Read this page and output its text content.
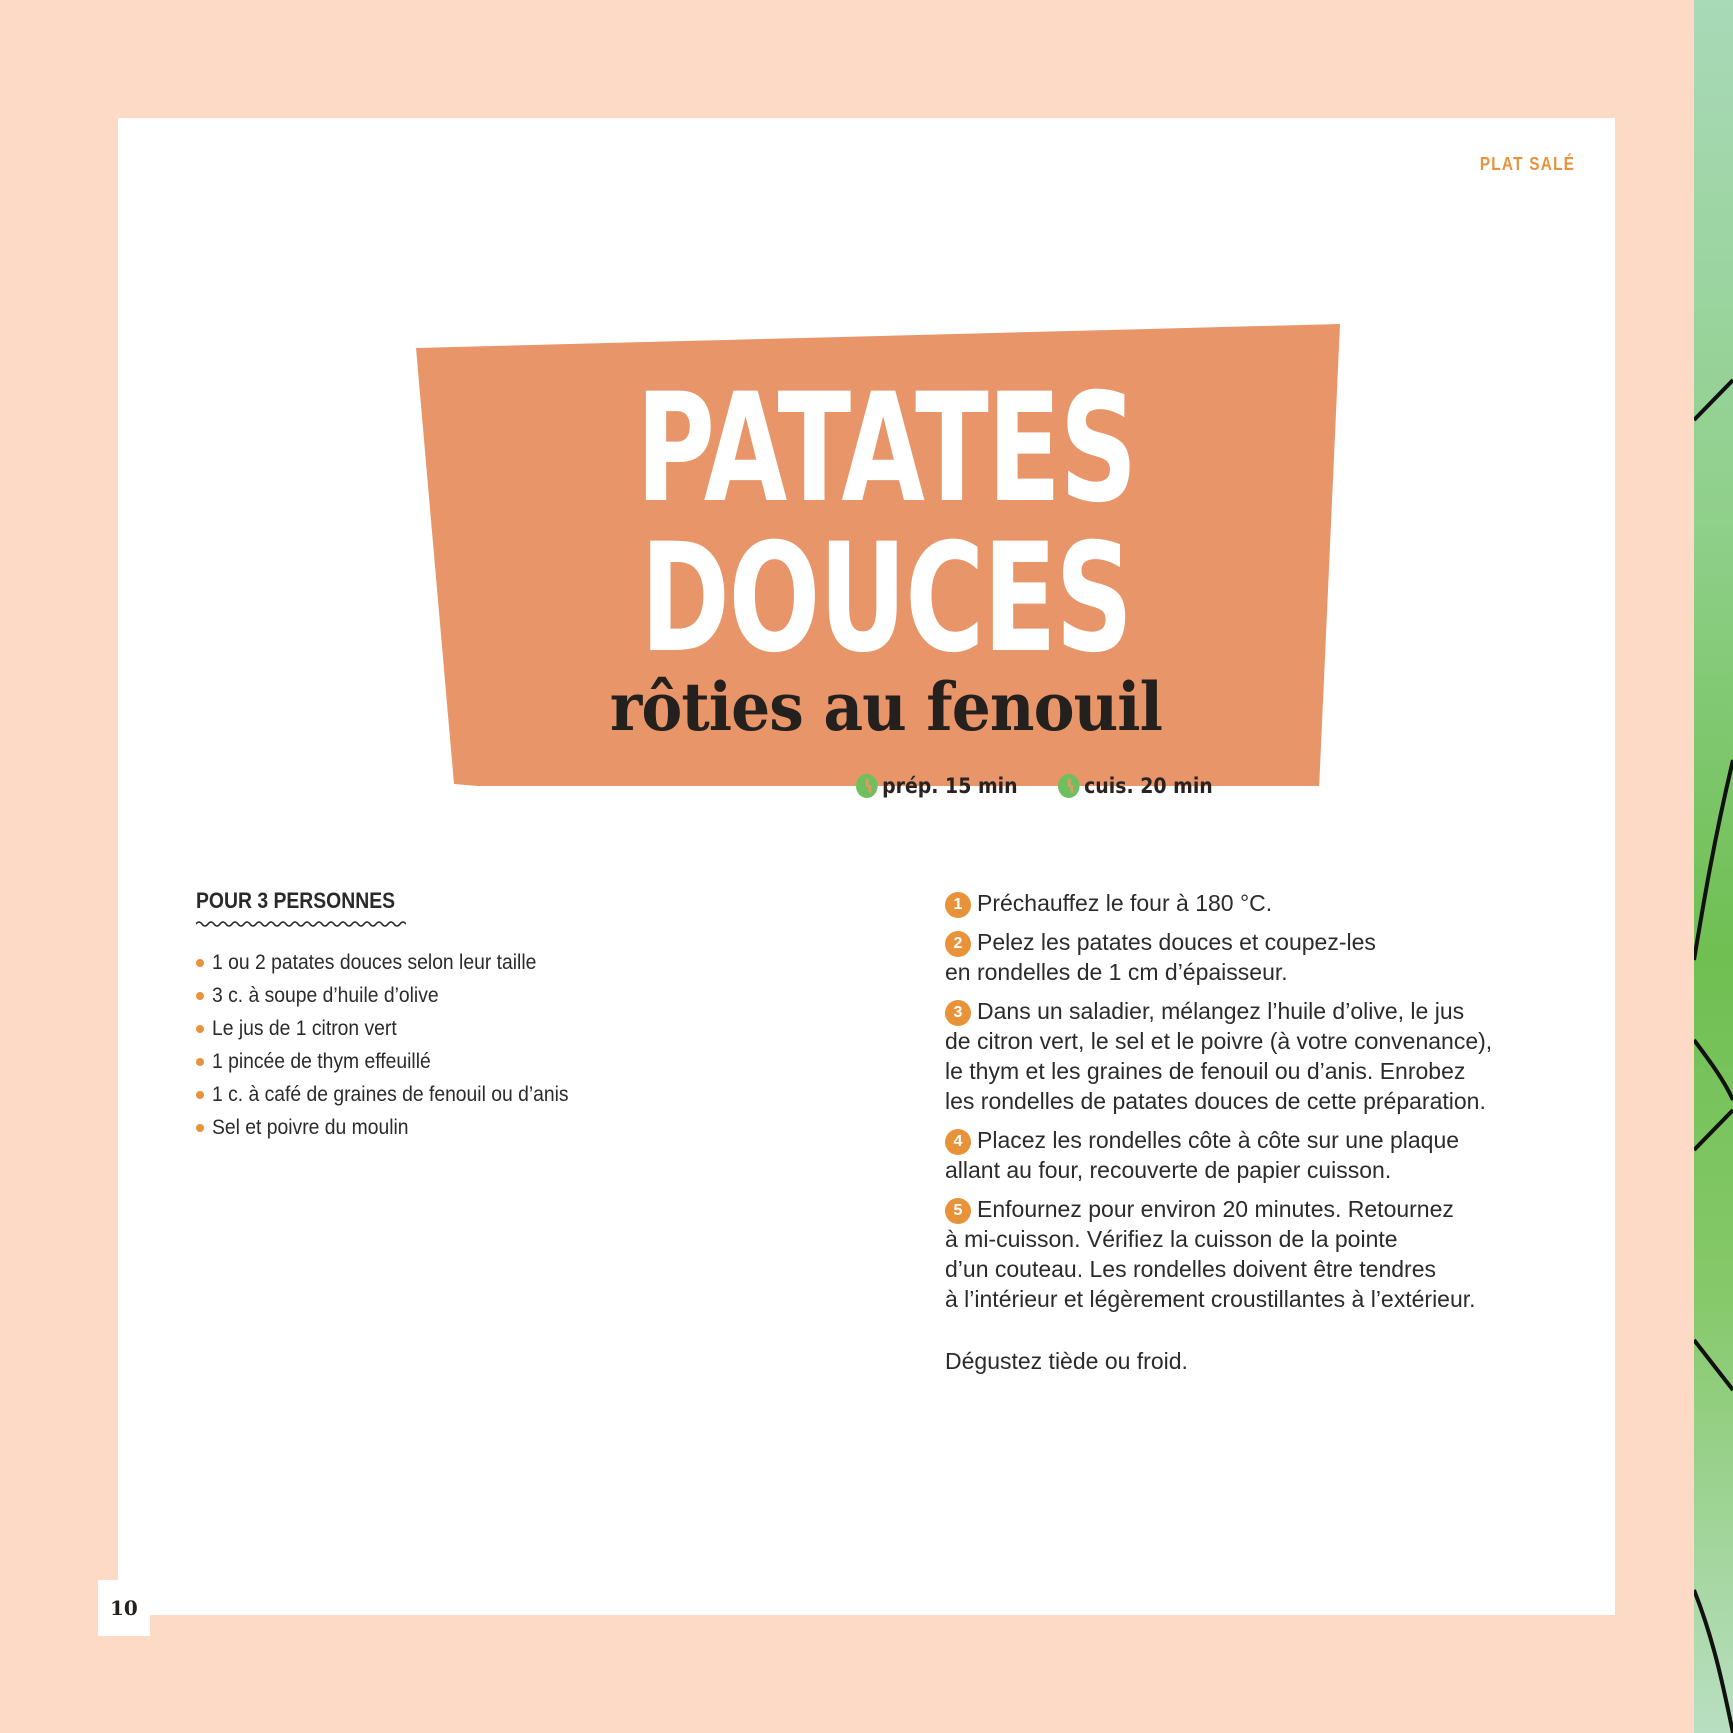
PLAT SALÉ
PATATES
DOUCES
rôties au fenouil
prép. 15 min	cuis. 20 min
POUR 3 PERSONNES
1 ou 2 patates douces selon leur taille
3 c. à soupe d’huile d’olive
Le jus de 1 citron vert
1 pincée de thym effeuillé
1 c. à café de graines de fenouil ou d’anis
Sel et poivre du moulin
1 Préchauffez le four à 180 °C.
2 Pelez les patates douces et coupez-les
en rondelles de 1 cm d’épaisseur.
3 Dans un saladier, mélangez l’huile d’olive, le jus
de citron vert, le sel et le poivre (à votre convenance),
le thym et les graines de fenouil ou d’anis. Enrobez
les rondelles de patates douces de cette préparation.
4 Placez les rondelles côte à côte sur une plaque
allant au four, recouverte de papier cuisson.
5 Enfournez pour environ 20 minutes. Retournez
à mi-cuisson. Vérifiez la cuisson de la pointe
d’un couteau. Les rondelles doivent être tendres
à l’intérieur et légèrement croustillantes à l’extérieur.
Dégustez tiède ou froid.
10
